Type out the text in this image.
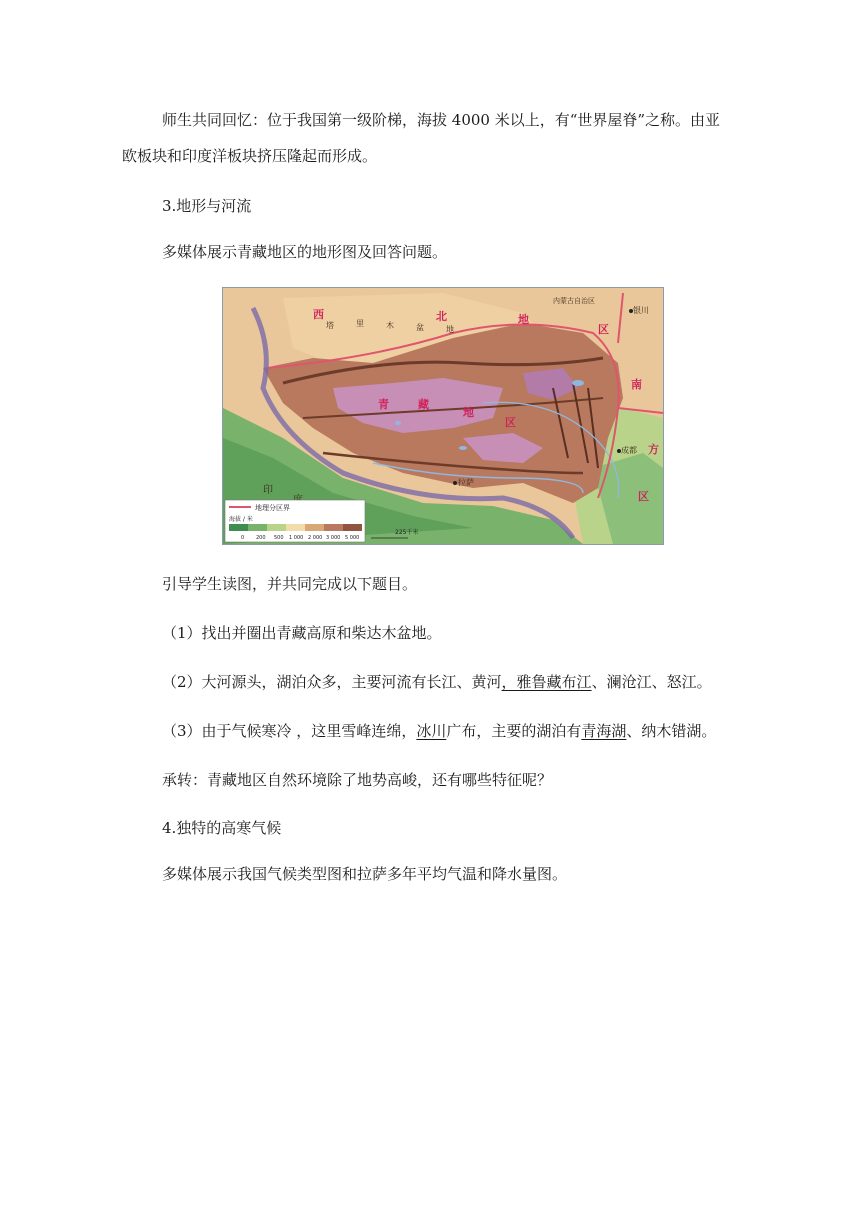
师生共同回忆：位于我国第一级阶梯，海拔 4000 米以上，有“世界屋脊”之称。由亚

欧板块和印度洋板块挤压隆起而形成。

3.地形与河流

多媒体展示青藏地区的地形图及回答问题。

西	北	地
区
青	藏
地
区
南
方
区
塔	里	木	盆	地
印
拉萨
成都
银川
内蒙古自治区
地理分区界
海拔 / 米
0 200 500 1 000 2 000 3 000 5 000
225千米

引导学生读图，并共同完成以下题目。

（1）找出并圈出青藏高原和柴达木盆地。

（2）大河源头，湖泊众多，主要河流有长江、黄河，雅鲁藏布江、澜沧江、怒江。

（3）由于气候寒冷 ，这里雪峰连绵，冰川广布，主要的湖泊有青海湖、纳木错湖。

承转：青藏地区自然环境除了地势高峻，还有哪些特征呢？

4.独特的高寒气候

多媒体展示我国气候类型图和拉萨多年平均气温和降水量图。
